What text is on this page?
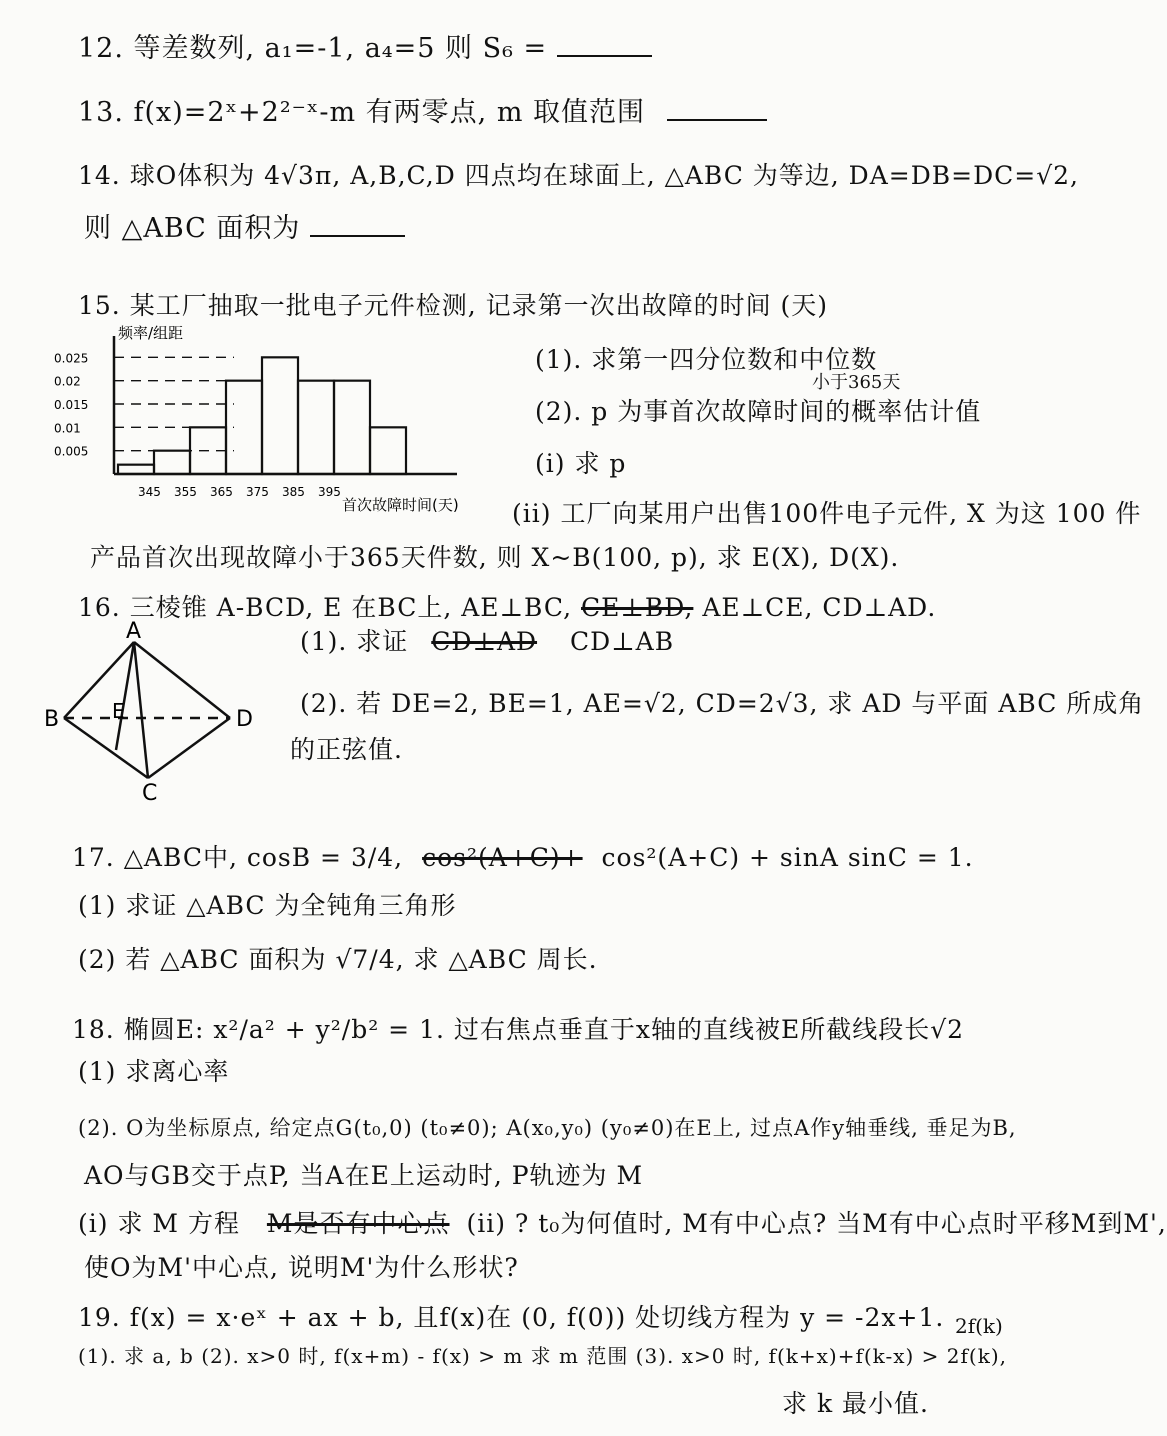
12. 等差数列, a₁=-1, a₄=5 则 S₆ =
13. f(x)=2ˣ+2²⁻ˣ-m 有两零点, m 取值范围
14. 球O体积为 4√3π, A,B,C,D 四点均在球面上, △ABC 为等边, DA=DB=DC=√2,
则 △ABC 面积为
15. 某工厂抽取一批电子元件检测, 记录第一次出故障的时间 (天)
0.025
0.02
0.015
0.01
0.005
345 355 365 375 385 395
频率/组距
首次故障时间(天)
(1). 求第一四分位数和中位数
小于365天
(2). p 为事首次故障时间的概率估计值
(i) 求 p
(ii) 工厂向某用户出售100件电子元件, X 为这 100 件
产品首次出现故障小于365天件数, 则 X~B(100, p), 求 E(X), D(X).
16. 三棱锥 A-BCD, E 在BC上, AE⊥BC, CE⊥BD, AE⊥CE, CD⊥AD.
A
B
C
D
E
(1). 求证 CD⊥AD CD⊥AB
(2). 若 DE=2, BE=1, AE=√2, CD=2√3, 求 AD 与平面 ABC 所成角
的正弦值.
17. △ABC中, cosB = 3/4, cos²(A+C)+ cos²(A+C) + sinA sinC = 1.
(1) 求证 △ABC 为全钝角三角形
(2) 若 △ABC 面积为 √7/4, 求 △ABC 周长.
18. 椭圆E: x²/a² + y²/b² = 1. 过右焦点垂直于x轴的直线被E所截线段长√2
(1) 求离心率
(2). O为坐标原点, 给定点G(t₀,0) (t₀≠0); A(x₀,y₀) (y₀≠0)在E上, 过点A作y轴垂线, 垂足为B,
AO与GB交于点P, 当A在E上运动时, P轨迹为 M
(i) 求 M 方程 M是否有中心点 (ii) ? t₀为何值时, M有中心点? 当M有中心点时平移M到M',
使O为M'中心点, 说明M'为什么形状?
19. f(x) = x·eˣ + ax + b, 且f(x)在 (0, f(0)) 处切线方程为 y = -2x+1. 2f(k)
(1). 求 a, b (2). x>0 时, f(x+m) - f(x) > m 求 m 范围 (3). x>0 时, f(k+x)+f(k-x) > 2f(k),
求 k 最小值.
